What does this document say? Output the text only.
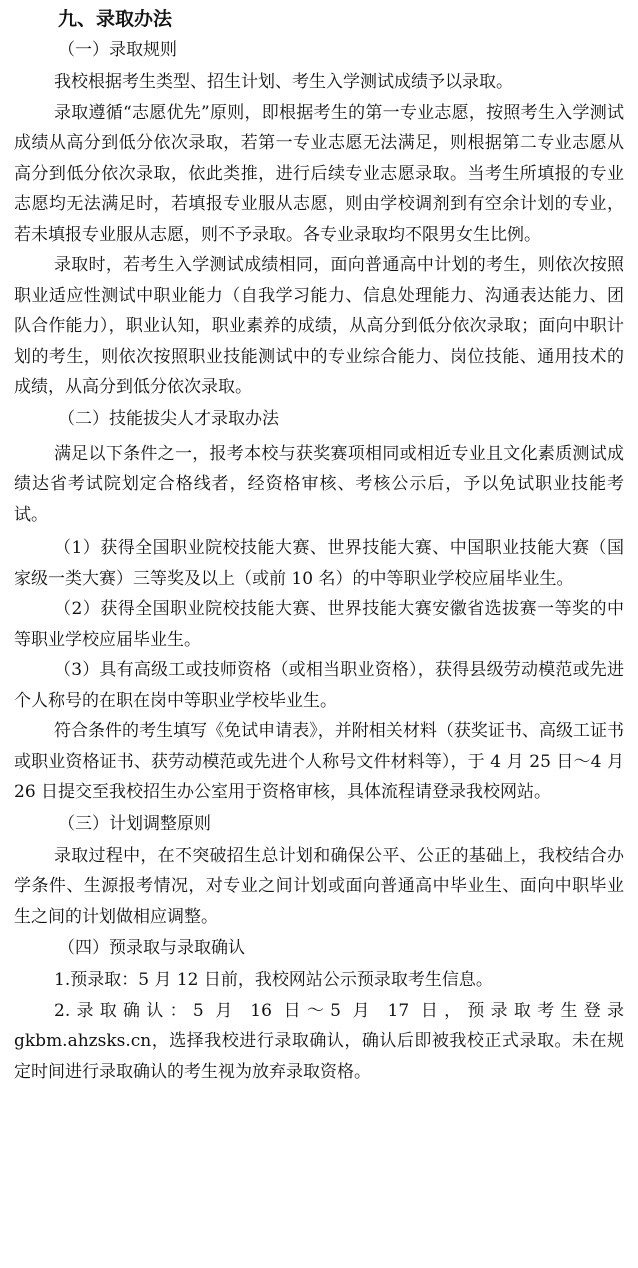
九、录取办法
（一）录取规则

我校根据考生类型、招生计划、考生入学测试成绩予以录取。

录取遵循“志愿优先”原则，即根据考生的第一专业志愿，按照考生入学测试成绩从高分到低分依次录取，若第一专业志愿无法满足，则根据第二专业志愿从高分到低分依次录取，依此类推，进行后续专业志愿录取。当考生所填报的专业志愿均无法满足时，若填报专业服从志愿，则由学校调剂到有空余计划的专业，若未填报专业服从志愿，则不予录取。各专业录取均不限男女生比例。

录取时，若考生入学测试成绩相同，面向普通高中计划的考生，则依次按照职业适应性测试中职业能力（自我学习能力、信息处理能力、沟通表达能力、团队合作能力），职业认知，职业素养的成绩，从高分到低分依次录取；面向中职计划的考生，则依次按照职业技能测试中的专业综合能力、岗位技能、通用技术的成绩，从高分到低分依次录取。

（二）技能拔尖人才录取办法

满足以下条件之一，报考本校与获奖赛项相同或相近专业且文化素质测试成绩达省考试院划定合格线者，经资格审核、考核公示后，予以免试职业技能考试。

（1）获得全国职业院校技能大赛、世界技能大赛、中国职业技能大赛（国家级一类大赛）三等奖及以上（或前 10 名）的中等职业学校应届毕业生。

（2）获得全国职业院校技能大赛、世界技能大赛安徽省选拔赛一等奖的中等职业学校应届毕业生。

（3）具有高级工或技师资格（或相当职业资格），获得县级劳动模范或先进个人称号的在职在岗中等职业学校毕业生。

符合条件的考生填写《免试申请表》，并附相关材料（获奖证书、高级工证书或职业资格证书、获劳动模范或先进个人称号文件材料等），于 4 月 25 日～4 月 26 日提交至我校招生办公室用于资格审核，具体流程请登录我校网站。

（三）计划调整原则

录取过程中，在不突破招生总计划和确保公平、公正的基础上，我校结合办学条件、生源报考情况，对专业之间计划或面向普通高中毕业生、面向中职毕业生之间的计划做相应调整。

（四）预录取与录取确认

1.预录取：5 月 12 日前，我校网站公示预录取考生信息。

2.录取确认：5 月 16 日～5 月 17 日，预录取考生登录 gkbm.ahzsks.cn，选择我校进行录取确认，确认后即被我校正式录取。未在规定时间进行录取确认的考生视为放弃录取资格。
